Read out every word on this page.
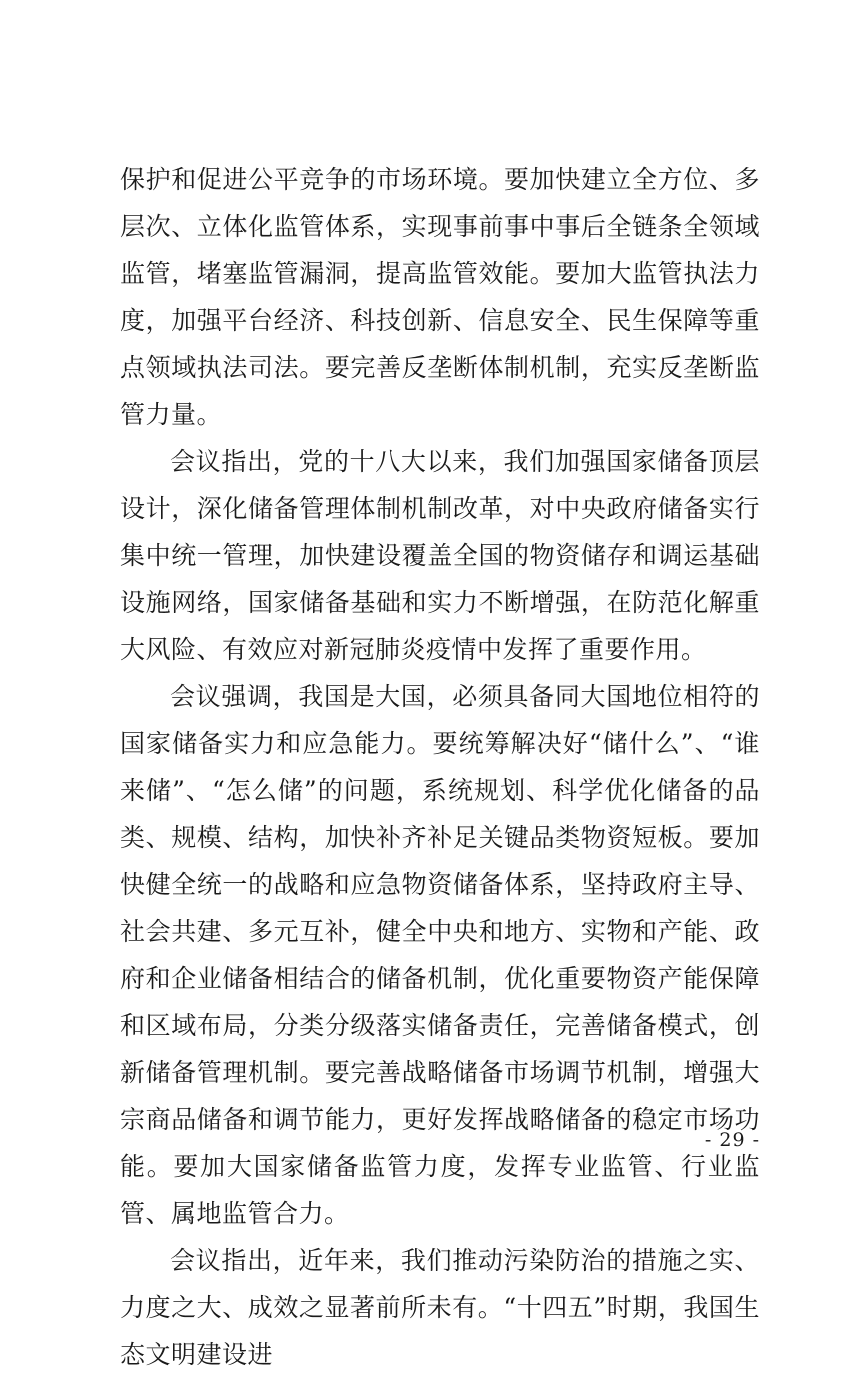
保护和促进公平竞争的市场环境。要加快建立全方位、多层次、立体化监管体系，实现事前事中事后全链条全领域监管，堵塞监管漏洞，提高监管效能。要加大监管执法力度，加强平台经济、科技创新、信息安全、民生保障等重点领域执法司法。要完善反垄断体制机制，充实反垄断监管力量。

会议指出，党的十八大以来，我们加强国家储备顶层设计，深化储备管理体制机制改革，对中央政府储备实行集中统一管理，加快建设覆盖全国的物资储存和调运基础设施网络，国家储备基础和实力不断增强，在防范化解重大风险、有效应对新冠肺炎疫情中发挥了重要作用。

会议强调，我国是大国，必须具备同大国地位相符的国家储备实力和应急能力。要统筹解决好“储什么”、“谁来储”、“怎么储”的问题，系统规划、科学优化储备的品类、规模、结构，加快补齐补足关键品类物资短板。要加快健全统一的战略和应急物资储备体系，坚持政府主导、社会共建、多元互补，健全中央和地方、实物和产能、政府和企业储备相结合的储备机制，优化重要物资产能保障和区域布局，分类分级落实储备责任，完善储备模式，创新储备管理机制。要完善战略储备市场调节机制，增强大宗商品储备和调节能力，更好发挥战略储备的稳定市场功能。要加大国家储备监管力度，发挥专业监管、行业监管、属地监管合力。

会议指出，近年来，我们推动污染防治的措施之实、力度之大、成效之显著前所未有。“十四五”时期，我国生态文明建设进

- 29 -
